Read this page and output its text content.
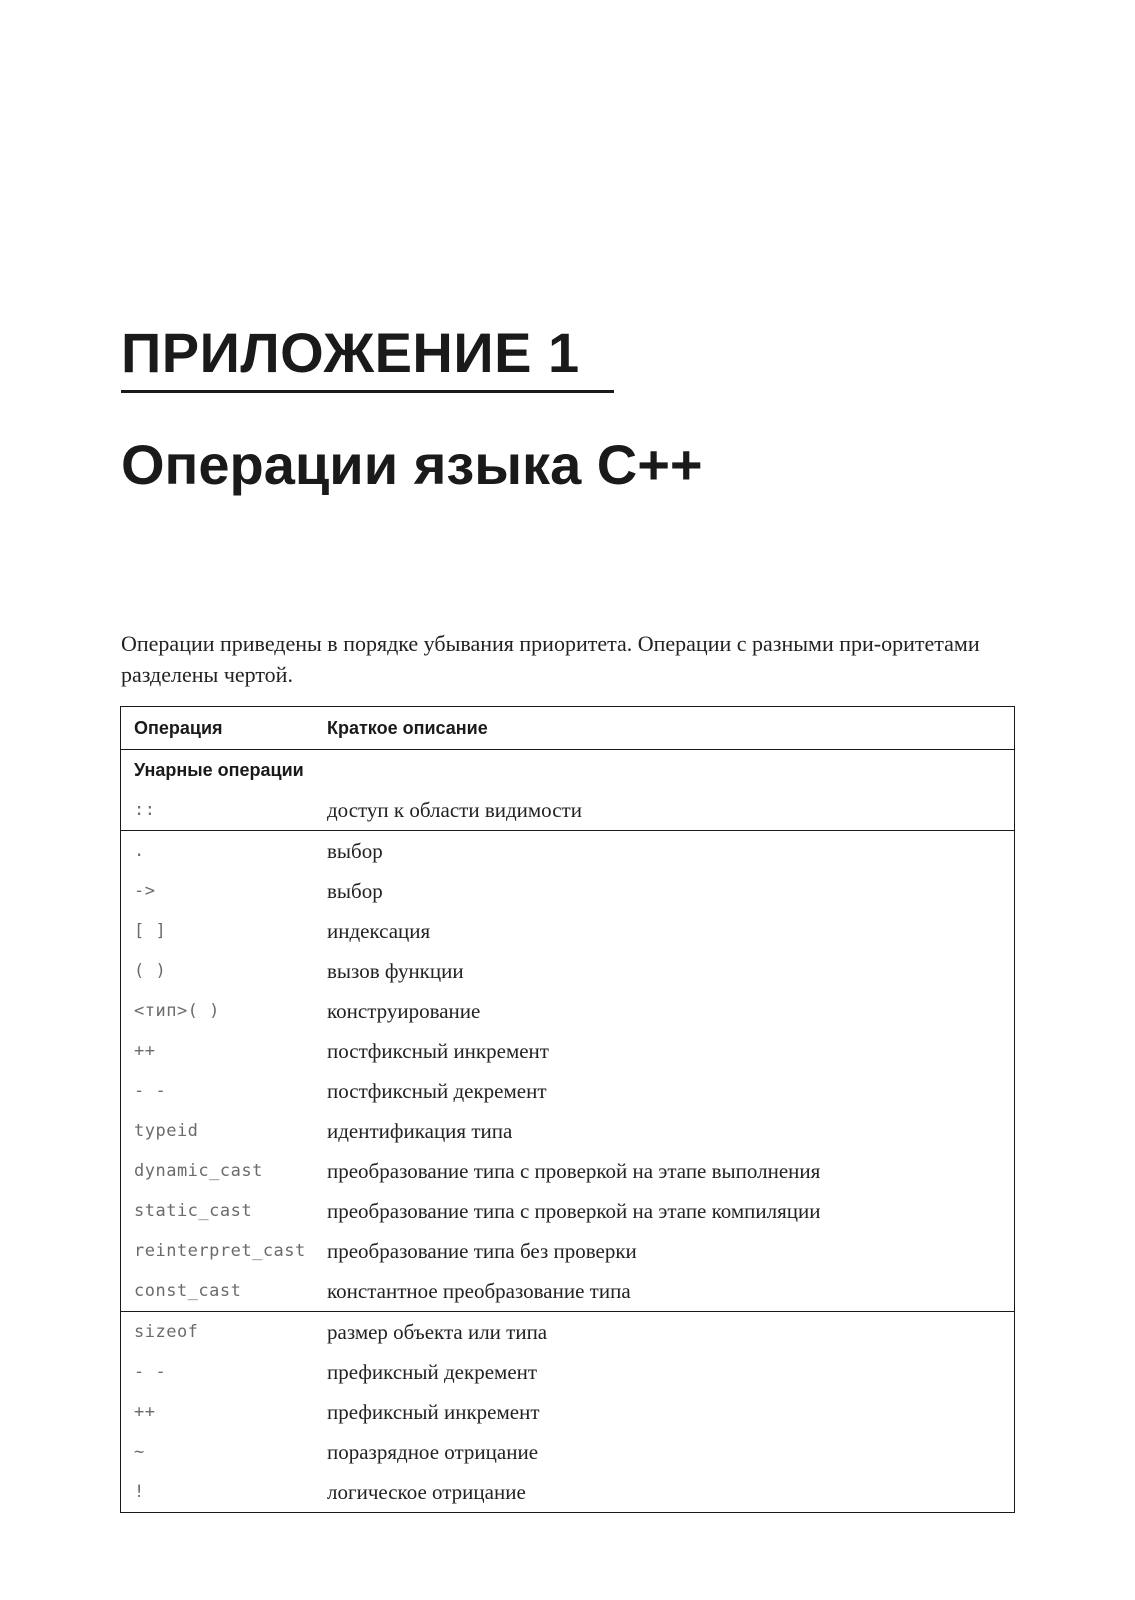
ПРИЛОЖЕНИЕ 1
Операции языка C++

Операции приведены в порядке убывания приоритета. Операции с разными при-оритетами разделены чертой.

Операция	Краткое описание
Унарные операции
::	доступ к области видимости
.	выбор
->	выбор
[ ]	индексация
( )	вызов функции
<тип>( )	конструирование
++	постфиксный инкремент
- -	постфиксный декремент
typeid	идентификация типа
dynamic_cast	преобразование типа с проверкой на этапе выполнения
static_cast	преобразование типа с проверкой на этапе компиляции
reinterpret_cast	преобразование типа без проверки
const_cast	константное преобразование типа
sizeof	размер объекта или типа
- -	префиксный декремент
++	префиксный инкремент
~	поразрядное отрицание
!	логическое отрицание
